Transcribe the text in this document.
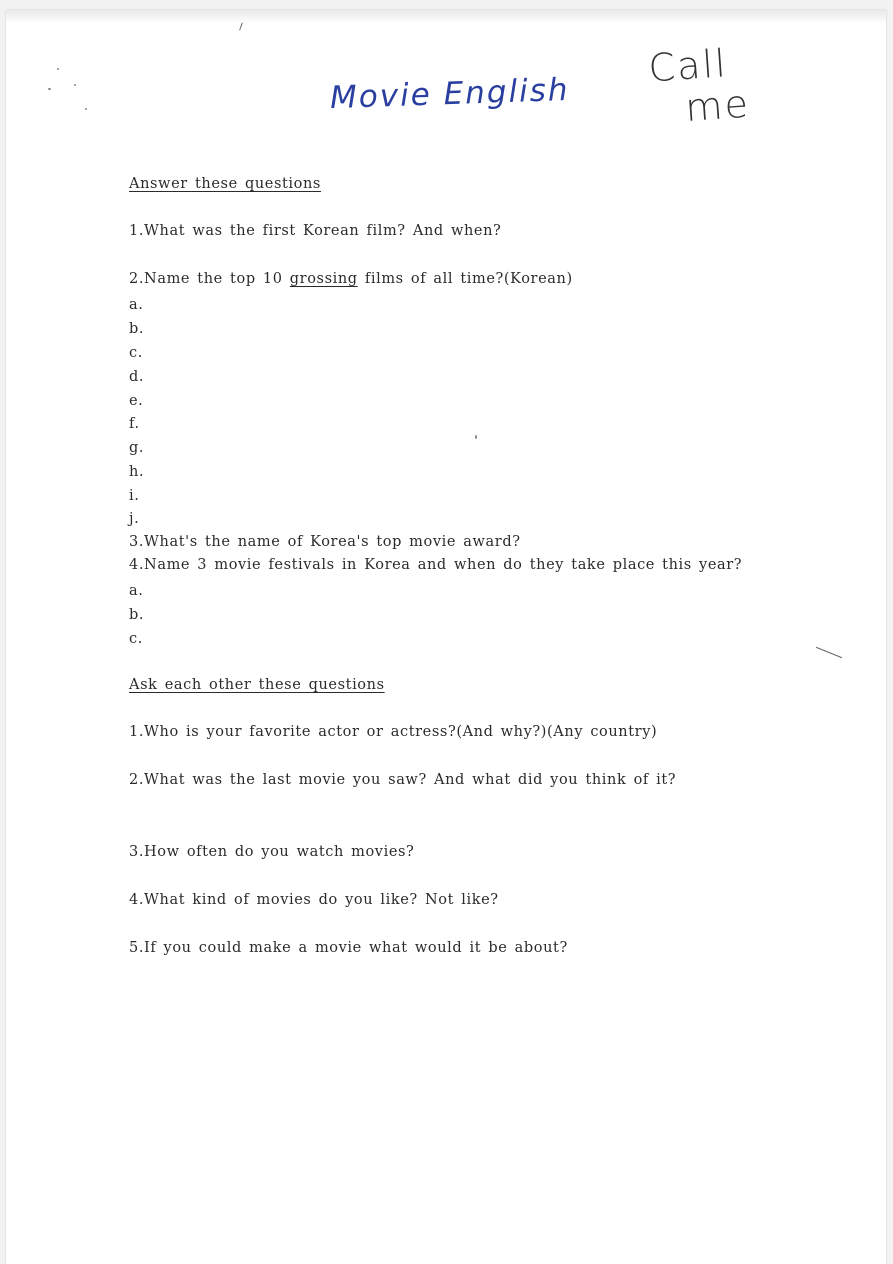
Movie English
Call
me
Answer these questions
1.What was the first Korean film? And when?
2.Name the top 10 grossing films of all time?(Korean)
a.
b.
c.
d.
e.
f.
g.
h.
i.
j.
3.What's the name of Korea's top movie award?
4.Name 3 movie festivals in Korea and when do they take place this year?
a.
b.
c.
Ask each other these questions
1.Who is your favorite actor or actress?(And why?)(Any country)
2.What was the last movie you saw? And what did you think of it?
3.How often do you watch movies?
4.What kind of movies do you like? Not like?
5.If you could make a movie what would it be about?
